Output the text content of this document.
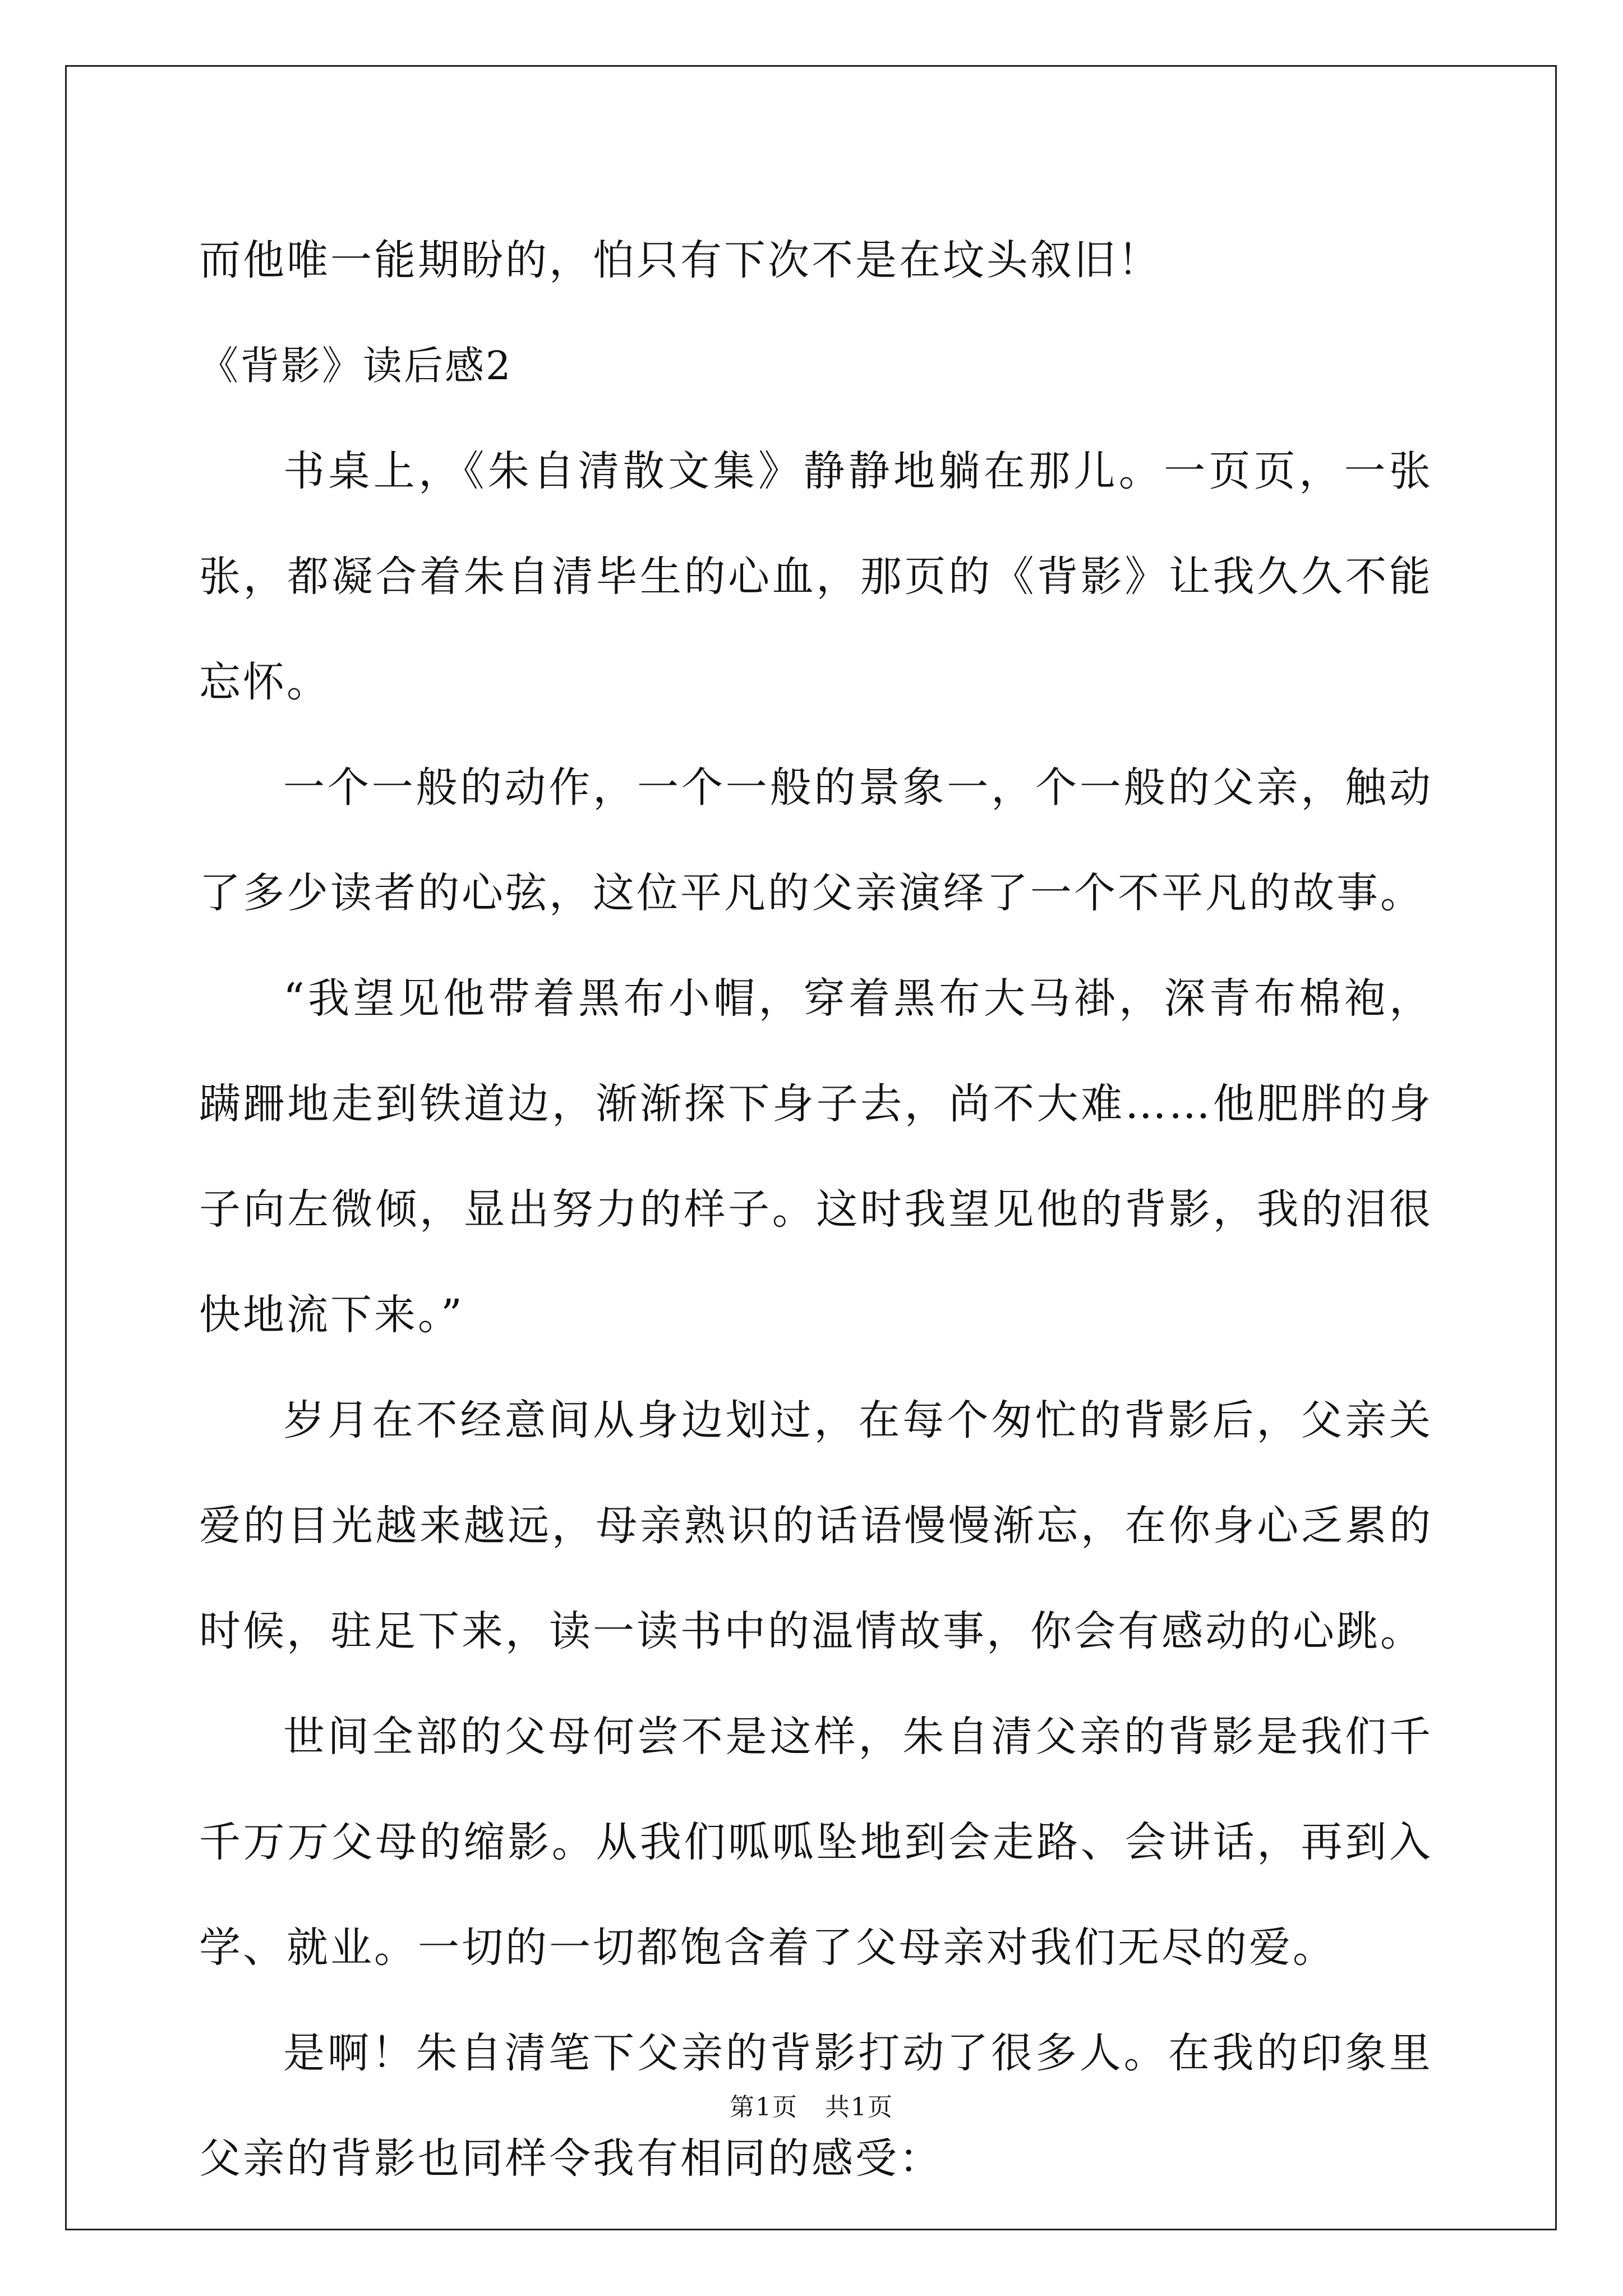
而他唯一能期盼的，怕只有下次不是在坟头叙旧！

《背影》读后感2

书桌上，《朱自清散文集》静静地躺在那儿。一页页，一张张，都凝合着朱自清毕生的心血，那页的《背影》让我久久不能忘怀。

一个一般的动作，一个一般的景象一，个一般的父亲，触动了多少读者的心弦，这位平凡的父亲演绎了一个不平凡的故事。

“我望见他带着黑布小帽，穿着黑布大马褂，深青布棉袍，蹒跚地走到铁道边，渐渐探下身子去，尚不大难……他肥胖的身子向左微倾，显出努力的样子。这时我望见他的背影，我的泪很快地流下来。”

岁月在不经意间从身边划过，在每个匆忙的背影后，父亲关爱的目光越来越远，母亲熟识的话语慢慢渐忘，在你身心乏累的时候，驻足下来，读一读书中的温情故事，你会有感动的心跳。

世间全部的父母何尝不是这样，朱自清父亲的背影是我们千千万万父母的缩影。从我们呱呱坠地到会走路、会讲话，再到入学、就业。一切的一切都饱含着了父母亲对我们无尽的爱。

是啊！朱自清笔下父亲的背影打动了很多人。在我的印象里父亲的背影也同样令我有相同的感受：

第1页   共1页
